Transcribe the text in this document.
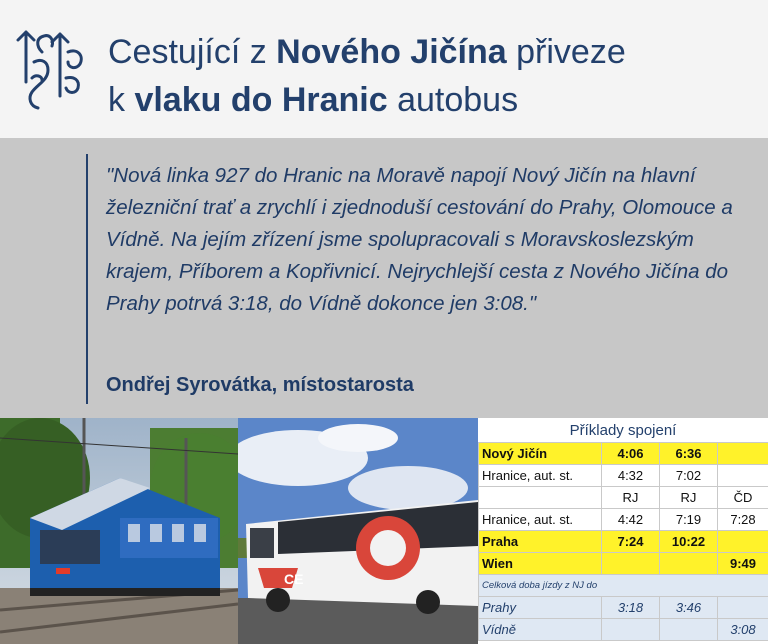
Cestující z Nového Jičína přiveze
k vlaku do Hranic autobus
"Nová linka 927 do Hranic na Moravě napojí Nový Jičín na hlavní železniční trať a zrychlí i zjednoduší cestování do Prahy, Olomouce a Vídně. Na jejím zřízení jsme spolupracovali s Moravskoslezským krajem, Příborem a Kopřivnicí. Nejrychlejší cesta z Nového Jičína do Prahy potrvá 3:18, do Vídně dokonce jen 3:08."
Ondřej Syrovátka, místostarosta
CE
Příklady spojení
Nový Jičín	4:06	6:36	
Hranice, aut. st.	4:32	7:02	
	RJ	RJ	ČD
Hranice, aut. st.	4:42	7:19	7:28
Praha	7:24	10:22	
Wien			9:49
Celková doba jízdy z NJ do			
Prahy	3:18	3:46	
Vídně			3:08
